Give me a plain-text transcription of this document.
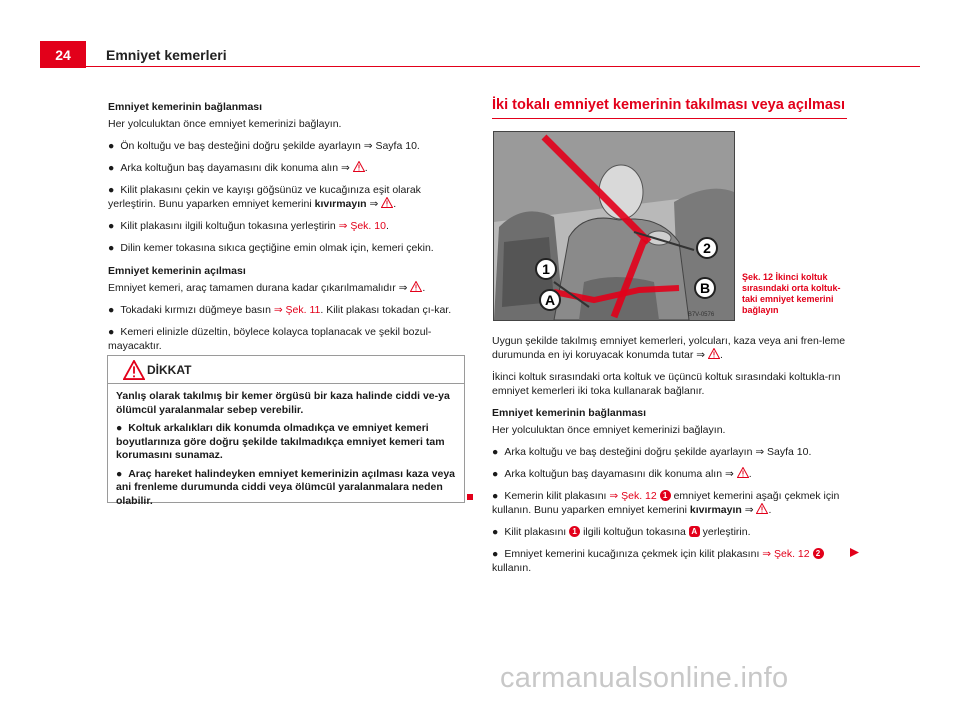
24	Emniyet kemerleri

Emniyet kemerinin bağlanması

Her yolculuktan önce emniyet kemerinizi bağlayın.

● Ön koltuğu ve baş desteğini doğru şekilde ayarlayın ⇒ Sayfa 10.

● Arka koltuğun baş dayamasını dik konuma alın ⇒ .

● Kilit plakasını çekin ve kayışı göğsünüz ve kucağınıza eşit olarak yerleştirin. Bunu yaparken emniyet kemerini kıvırmayın ⇒ .

● Kilit plakasını ilgili koltuğun tokasına yerleştirin ⇒ Şek. 10.

● Dilin kemer tokasına sıkıca geçtiğine emin olmak için, kemeri çekin.

Emniyet kemerinin açılması

Emniyet kemeri, araç tamamen durana kadar çıkarılmamalıdır ⇒ .

● Tokadaki kırmızı düğmeye basın ⇒ Şek. 11. Kilit plakası tokadan çı-kar.

● Kemeri elinizle düzeltin, böylece kolayca toplanacak ve şekil bozul-mayacaktır.

DİKKAT

Yanlış olarak takılmış bir kemer örgüsü bir kaza halinde ciddi ve-ya ölümcül yaralanmalar sebep verebilir.

●  Koltuk arkalıkları dik konumda olmadıkça ve emniyet kemeri boyutlarınıza göre doğru şekilde takılmadıkça emniyet kemeri tam korumasını sunamaz.

●  Araç hareket halindeyken emniyet kemerinizin açılması kaza veya ani frenleme durumunda ciddi veya ölümcül yaralanmalara neden olabilir.

İki tokalı emniyet kemerinin takılması veya açılması
1
2
A
B
B7V-0576
Şek. 12 İkinci koltuk sırasındaki orta koltuk-taki emniyet kemerini bağlayın

Uygun şekilde takılmış emniyet kemerleri, yolcuları, kaza veya ani fren-leme durumunda en iyi koruyacak konumda tutar ⇒ .

İkinci koltuk sırasındaki orta koltuk ve üçüncü koltuk sırasındaki koltukla-rın emniyet kemerleri iki toka kullanarak bağlanır.

Emniyet kemerinin bağlanması

Her yolculuktan önce emniyet kemerinizi bağlayın.

● Arka koltuğu ve baş desteğini doğru şekilde ayarlayın ⇒ Sayfa 10.

● Arka koltuğun baş dayamasını dik konuma alın ⇒ .

● Kemerin kilit plakasını ⇒ Şek. 12 1 emniyet kemerini aşağı çekmek için kullanın. Bunu yaparken emniyet kemerini kıvırmayın ⇒ .

● Kilit plakasını 1 ilgili koltuğun tokasına A yerleştirin.

● Emniyet kemerini kucağınıza çekmek için kilit plakasını ⇒ Şek. 12 2 kullanın.

carmanualsonline.info
